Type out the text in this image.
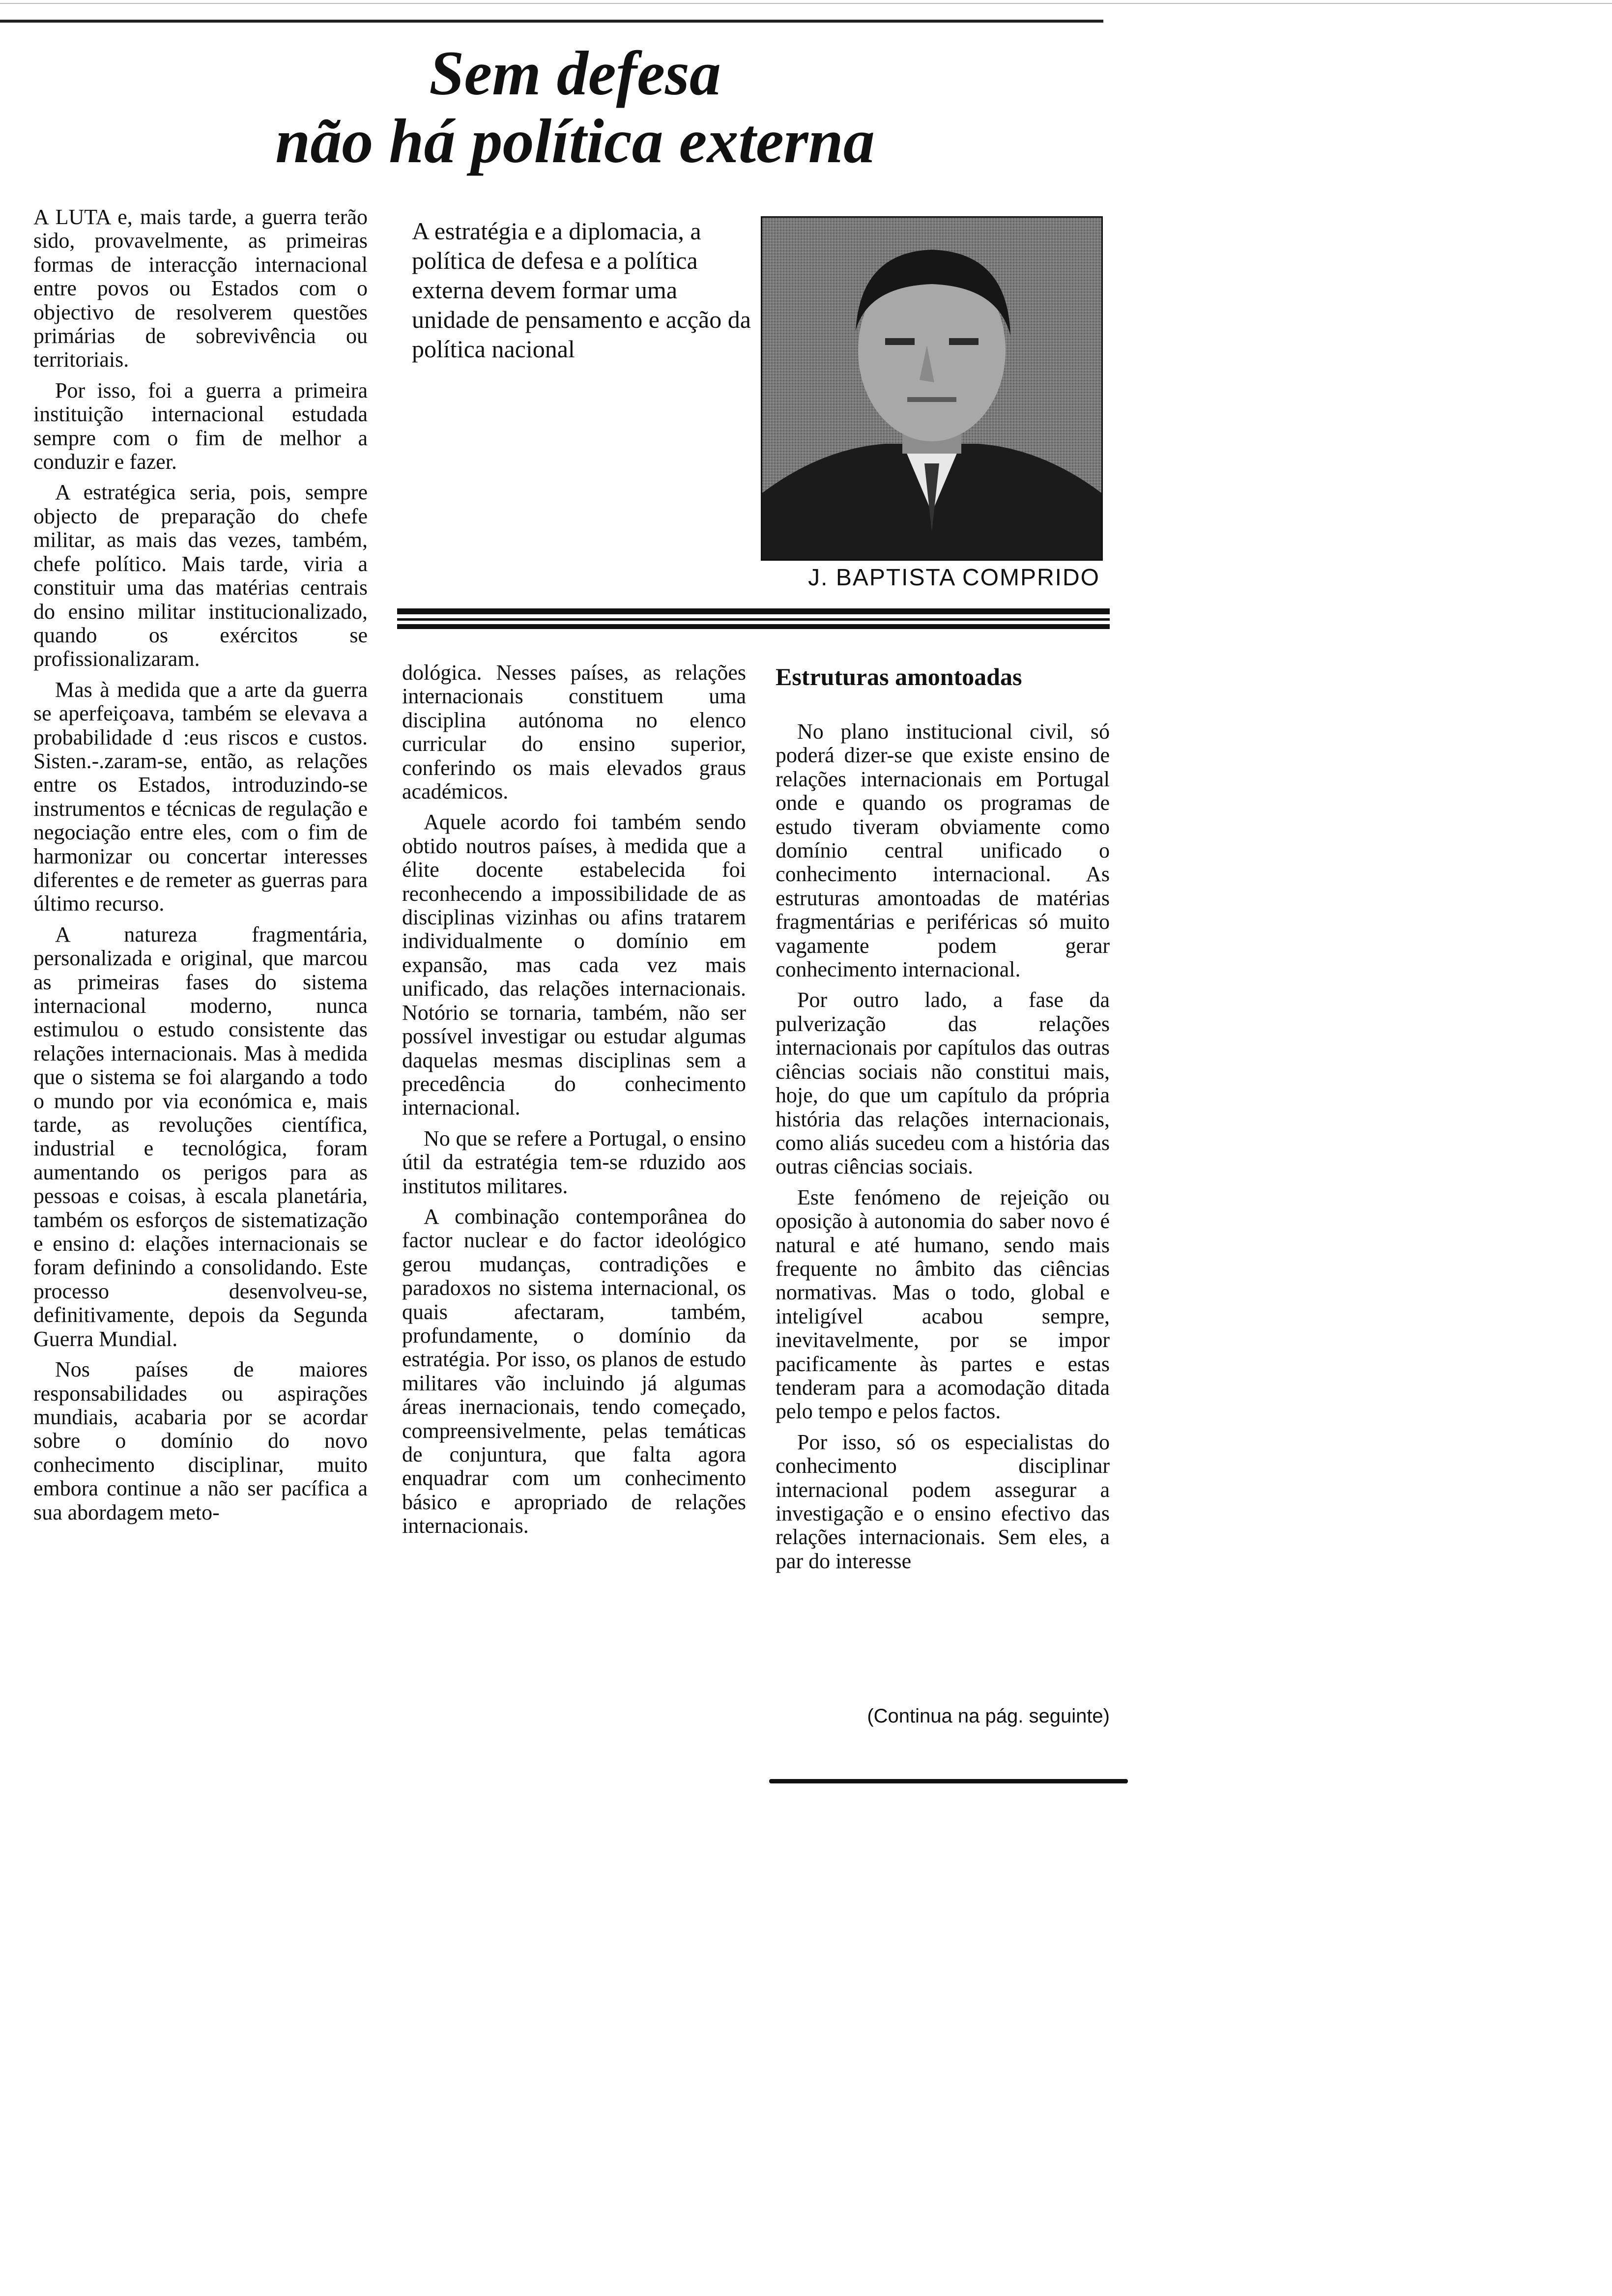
Sem defesa
não há política externa

A LUTA e, mais tarde, a guerra terão sido, provavelmente, as primeiras formas de interacção internacional entre povos ou Estados com o objectivo de resolverem questões primárias de sobrevivência ou territoriais.

Por isso, foi a guerra a primeira instituição internacional estudada sempre com o fim de melhor a conduzir e fazer.

A estratégica seria, pois, sempre objecto de preparação do chefe militar, as mais das vezes, também, chefe político. Mais tarde, viria a constituir uma das matérias centrais do ensino militar institucionalizado, quando os exércitos se profissionalizaram.

Mas à medida que a arte da guerra se aperfeiçoava, também se elevava a probabilidade d :eus riscos e custos. Sisten.-.zaram-se, então, as relações entre os Estados, introduzindo-se instrumentos e técnicas de regulação e negociação entre eles, com o fim de harmonizar ou concertar interesses diferentes e de remeter as guerras para último recurso.

A natureza fragmentária, personalizada e original, que marcou as primeiras fases do sistema internacional moderno, nunca estimulou o estudo consistente das relações internacionais. Mas à medida que o sistema se foi alargando a todo o mundo por via económica e, mais tarde, as revoluções científica, industrial e tecnológica, foram aumentando os perigos para as pessoas e coisas, à escala planetária, também os esforços de sistematização e ensino d: elações internacionais se foram definindo a consolidando. Este processo desenvolveu-se, definitivamente, depois da Segunda Guerra Mundial.

Nos países de maiores responsabilidades ou aspirações mundiais, acabaria por se acordar sobre o domínio do novo conhecimento disciplinar, muito embora continue a não ser pacífica a sua abordagem meto-

A estratégia e a diplomacia, a política de defesa e a política externa devem formar uma unidade de pensamento e acção da política nacional
J. BAPTISTA COMPRIDO

dológica. Nesses países, as relações internacionais constituem uma disciplina autónoma no elenco curricular do ensino superior, conferindo os mais elevados graus académicos.

Aquele acordo foi também sendo obtido noutros países, à medida que a élite docente estabelecida foi reconhecendo a impossibilidade de as disciplinas vizinhas ou afins tratarem individualmente o domínio em expansão, mas cada vez mais unificado, das relações internacionais. Notório se tornaria, também, não ser possível investigar ou estudar algumas daquelas mesmas disciplinas sem a precedência do conhecimento internacional.

No que se refere a Portugal, o ensino útil da estratégia tem-se rduzido aos institutos militares.

A combinação contemporânea do factor nuclear e do factor ideológico gerou mudanças, contradições e paradoxos no sistema internacional, os quais afectaram, também, profundamente, o domínio da estratégia. Por isso, os planos de estudo militares vão incluindo já algumas áreas inernacionais, tendo começado, compreensivelmente, pelas temáticas de conjuntura, que falta agora enquadrar com um conhecimento básico e apropriado de relações internacionais.

Estruturas amontoadas

No plano institucional civil, só poderá dizer-se que existe ensino de relações internacionais em Portugal onde e quando os programas de estudo tiveram obviamente como domínio central unificado o conhecimento internacional. As estruturas amontoadas de matérias fragmentárias e periféricas só muito vagamente podem gerar conhecimento internacional.

Por outro lado, a fase da pulverização das relações internacionais por capítulos das outras ciências sociais não constitui mais, hoje, do que um capítulo da própria história das relações internacionais, como aliás sucedeu com a história das outras ciências sociais.

Este fenómeno de rejeição ou oposição à autonomia do saber novo é natural e até humano, sendo mais frequente no âmbito das ciências normativas. Mas o todo, global e inteligível acabou sempre, inevitavelmente, por se impor pacificamente às partes e estas tenderam para a acomodação ditada pelo tempo e pelos factos.

Por isso, só os especialistas do conhecimento disciplinar internacional podem assegurar a investigação e o ensino efectivo das relações internacionais. Sem eles, a par do interesse

(Continua na pág. seguinte)
